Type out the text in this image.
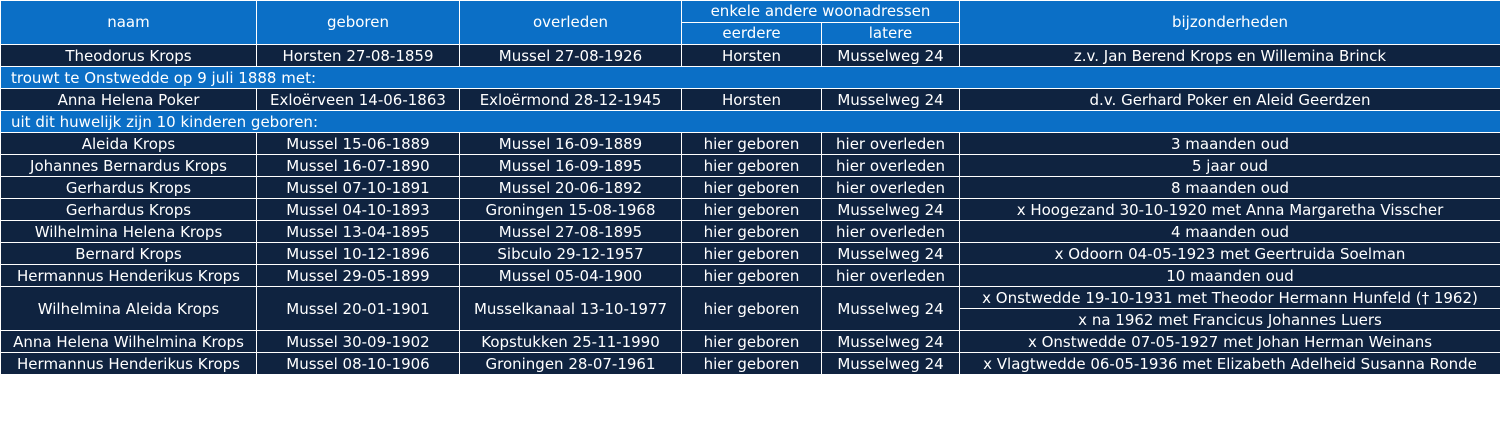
naam	geboren	overleden	enkele andere woonadressen		bijzonderheden
			eerdere	latere	
Theodorus Krops	Horsten 27-08-1859	Mussel 27-08-1926	Horsten	Musselweg 24	z.v. Jan Berend Krops en Willemina Brinck
trouwt te Onstwedde op 9 juli 1888 met:					
Anna Helena Poker	Exloërveen 14-06-1863	Exloërmond 28-12-1945	Horsten	Musselweg 24	d.v. Gerhard Poker en Aleid Geerdzen
uit dit huwelijk zijn 10 kinderen geboren:					
Aleida Krops	Mussel 15-06-1889	Mussel 16-09-1889	hier geboren	hier overleden	3 maanden oud
Johannes Bernardus Krops	Mussel 16-07-1890	Mussel 16-09-1895	hier geboren	hier overleden	5 jaar oud
Gerhardus Krops	Mussel 07-10-1891	Mussel 20-06-1892	hier geboren	hier overleden	8 maanden oud
Gerhardus Krops	Mussel 04-10-1893	Groningen 15-08-1968	hier geboren	Musselweg 24	x Hoogezand 30-10-1920 met Anna Margaretha Visscher
Wilhelmina Helena Krops	Mussel 13-04-1895	Mussel 27-08-1895	hier geboren	hier overleden	4 maanden oud
Bernard Krops	Mussel 10-12-1896	Sibculo 29-12-1957	hier geboren	Musselweg 24	x Odoorn 04-05-1923 met Geertruida Soelman
Hermannus Henderikus Krops	Mussel 29-05-1899	Mussel 05-04-1900	hier geboren	hier overleden	10 maanden oud
Wilhelmina Aleida Krops	Mussel 20-01-1901	Musselkanaal 13-10-1977	hier geboren	Musselweg 24	x Onstwedde 19-10-1931 met Theodor Hermann Hunfeld († 1962)
					x na 1962 met Francicus Johannes Luers
Anna Helena Wilhelmina Krops	Mussel 30-09-1902	Kopstukken 25-11-1990	hier geboren	Musselweg 24	x Onstwedde 07-05-1927 met Johan Herman Weinans
Hermannus Henderikus Krops	Mussel 08-10-1906	Groningen 28-07-1961	hier geboren	Musselweg 24	x Vlagtwedde 06-05-1936 met Elizabeth Adelheid Susanna Ronde
